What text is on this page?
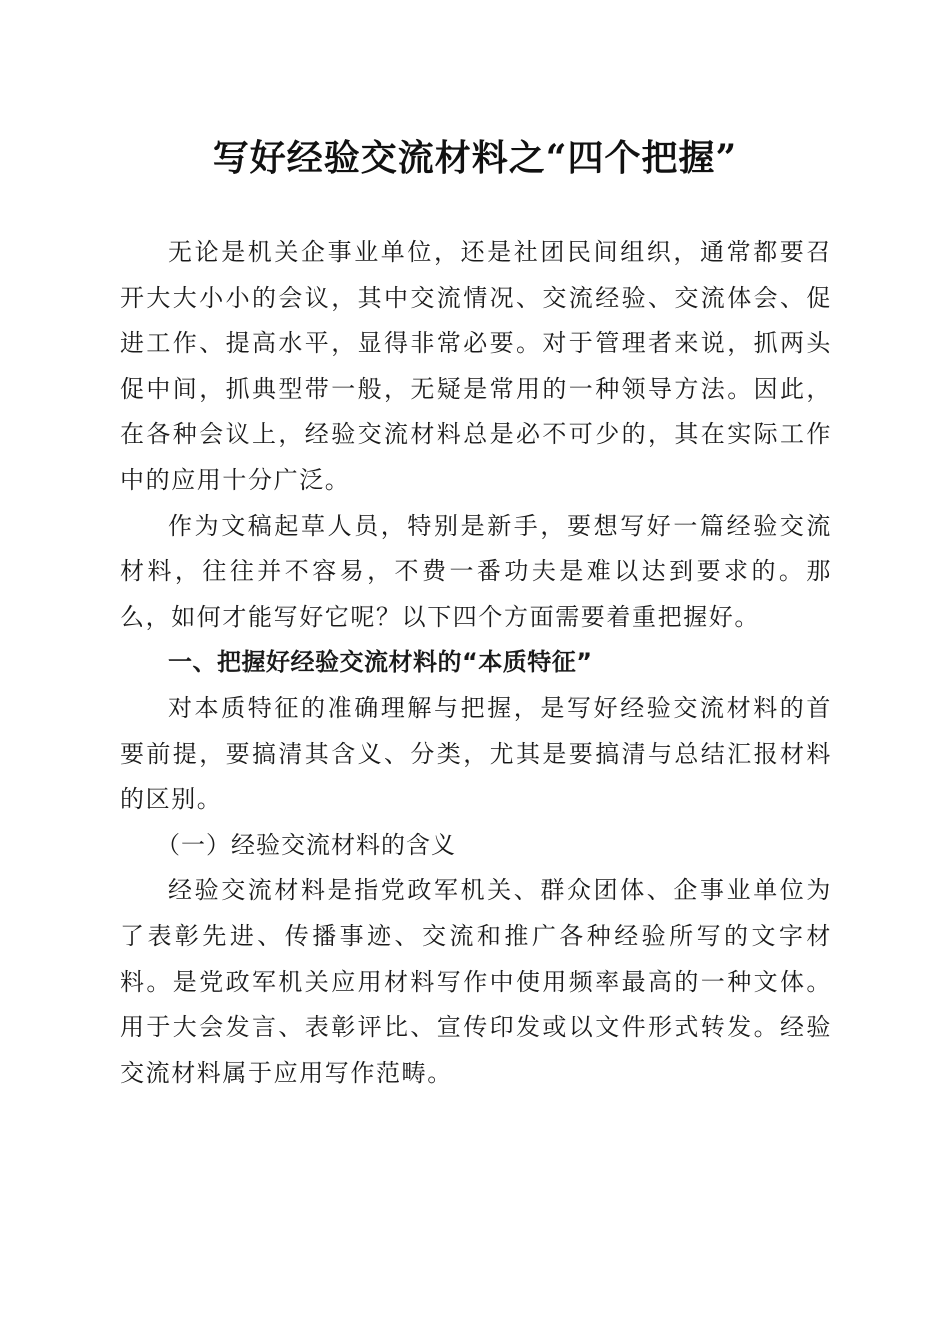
写好经验交流材料之“四个把握”

无论是机关企事业单位，还是社团民间组织，通常都要召开大大小小的会议，其中交流情况、交流经验、交流体会、促进工作、提高水平，显得非常必要。对于管理者来说，抓两头促中间，抓典型带一般，无疑是常用的一种领导方法。因此，在各种会议上，经验交流材料总是必不可少的，其在实际工作中的应用十分广泛。

作为文稿起草人员，特别是新手，要想写好一篇经验交流材料，往往并不容易，不费一番功夫是难以达到要求的。那么，如何才能写好它呢？以下四个方面需要着重把握好。

一、把握好经验交流材料的“本质特征”

对本质特征的准确理解与把握，是写好经验交流材料的首要前提，要搞清其含义、分类，尤其是要搞清与总结汇报材料的区别。

（一）经验交流材料的含义

经验交流材料是指党政军机关、群众团体、企事业单位为了表彰先进、传播事迹、交流和推广各种经验所写的文字材料。是党政军机关应用材料写作中使用频率最高的一种文体。用于大会发言、表彰评比、宣传印发或以文件形式转发。经验交流材料属于应用写作范畴。
